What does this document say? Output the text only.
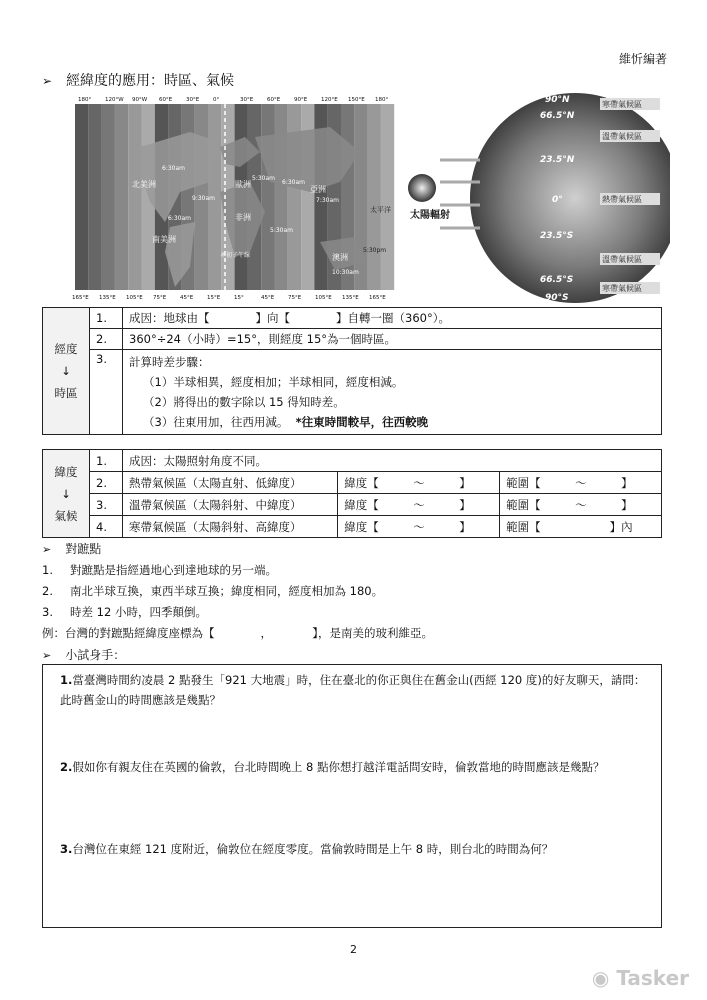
維忻編著
➢ 經緯度的應用：時區、氣候
180°	120°W 90°W 60°E	30°E	0°	30°E	60°E	90°E	120°E 150°E 180°
165°E 135°E 105°E 75°E	45°E	15°E	15°	45°E	75°E	105°E 135°E 165°E
北美洲	歐洲
亞洲
非洲
南美洲
澳洲
太平洋
本初子午線
6:30am
5:30am
6:30am
7:30am
6:30am
5:30am
5:30pm
9:30am
10:30am
太陽輻射
90°N
66.5°N
23.5°N
0°
23.5°S
66.5°S
90°S
寒帶氣候區
溫帶氣候區
熱帶氣候區
溫帶氣候區
寒帶氣候區
經度
↓
時區	1.	成因：地球由【　　　　】向【　　　　】自轉一圈（360°）。
	2.	360°÷24（小時）=15°，則經度 15°為一個時區。
	3.	計算時差步驟：
（1）半球相異，經度相加；半球相同，經度相減。
（2）將得出的數字除以 15 得知時差。
（3）往東用加，往西用減。 *往東時間較早，往西較晚
緯度
↓
氣候	1.	成因：太陽照射角度不同。		
	2.	熱帶氣候區（太陽直射、低緯度）	緯度【　　　～　　　】	範圍【　　　～　　　】
	3.	溫帶氣候區（太陽斜射、中緯度）	緯度【　　　～　　　】	範圍【　　　～　　　】
	4.	寒帶氣候區（太陽斜射、高緯度）	緯度【　　　～　　　】	範圍【　　　　　　】內
➢ 對蹠點
1. 對蹠點是指經過地心到達地球的另一端。
2. 南北半球互換，東西半球互換；緯度相同，經度相加為 180。
3. 時差 12 小時，四季顛倒。
例：台灣的對蹠點經緯度座標為【　　　　，　　　　】，是南美的玻利維亞。
➢ 小試身手：
1.當臺灣時間約凌晨 2 點發生「921 大地震」時，住在臺北的你正與住在舊金山(西經 120 度)的好友聊天，請問：此時舊金山的時間應該是幾點？
2.假如你有親友住在英國的倫敦，台北時間晚上 8 點你想打越洋電話問安時，倫敦當地的時間應該是幾點？
3.台灣位在東經 121 度附近，倫敦位在經度零度。當倫敦時間是上午 8 時，則台北的時間為何？
2
◉ Tasker
